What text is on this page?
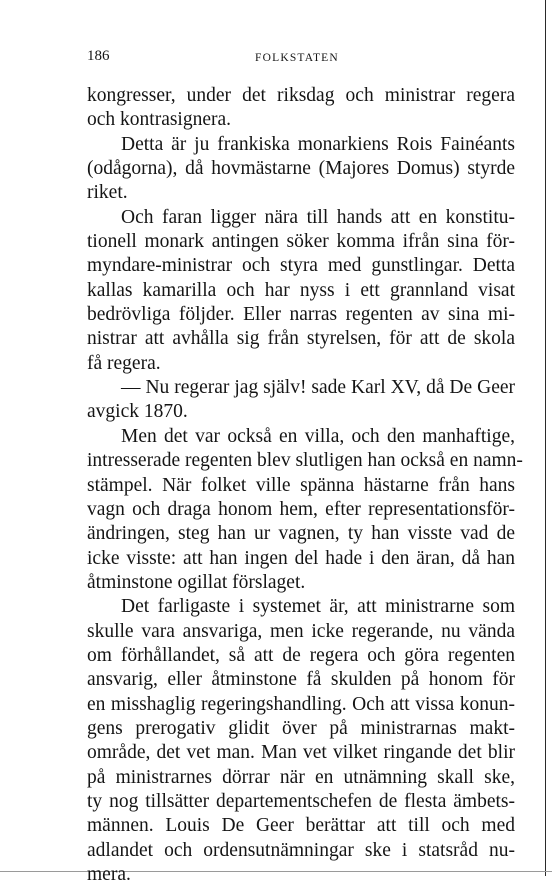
186	FOLKSTATEN
kongresser, under det riksdag och ministrar regera
och kontrasignera.
Detta är ju frankiska monarkiens Rois Fainéants
(odågorna), då hovmästarne (Majores Domus) styrde
riket.
Och faran ligger nära till hands att en konstitu-
tionell monark antingen söker komma ifrån sina för-
myndare-ministrar och styra med gunstlingar. Detta
kallas kamarilla och har nyss i ett grannland visat
bedrövliga följder. Eller narras regenten av sina mi-
nistrar att avhålla sig från styrelsen, för att de skola
få regera.
— Nu regerar jag själv! sade Karl XV, då De Geer
avgick 1870.
Men det var också en villa, och den manhaftige,
intresserade regenten blev slutligen han också en namn-
stämpel. När folket ville spänna hästarne från hans
vagn och draga honom hem, efter representationsför-
ändringen, steg han ur vagnen, ty han visste vad de
icke visste: att han ingen del hade i den äran, då han
åtminstone ogillat förslaget.
Det farligaste i systemet är, att ministrarne som
skulle vara ansvariga, men icke regerande, nu vända
om förhållandet, så att de regera och göra regenten
ansvarig, eller åtminstone få skulden på honom för
en misshaglig regeringshandling. Och att vissa konun-
gens prerogativ glidit över på ministrarnas makt-
område, det vet man. Man vet vilket ringande det blir
på ministrarnes dörrar när en utnämning skall ske,
ty nog tillsätter departementschefen de flesta ämbets-
männen. Louis De Geer berättar att till och med
adlandet och ordensutnämningar ske i statsråd nu-
mera.
